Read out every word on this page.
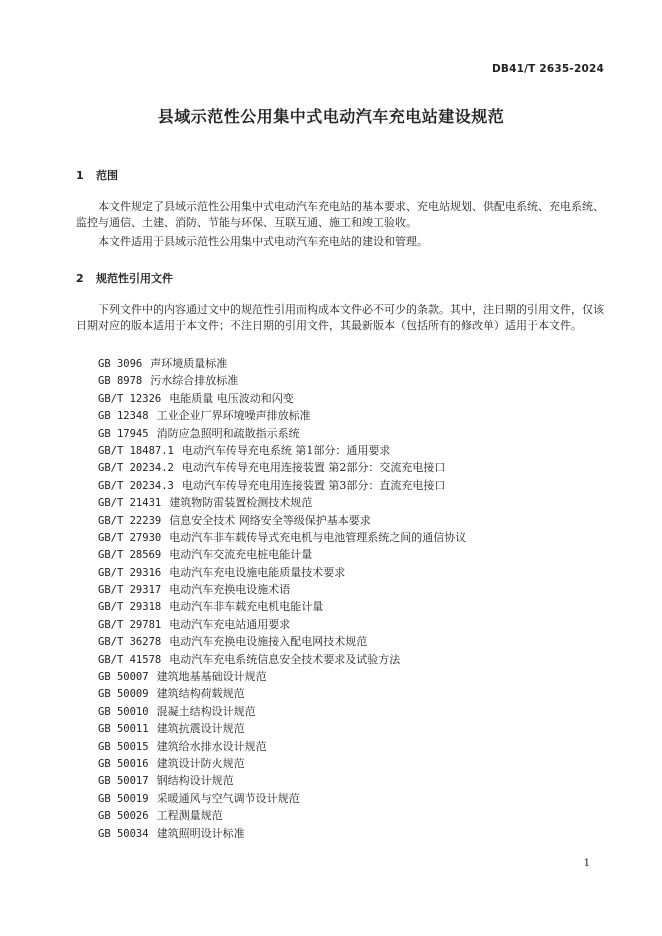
DB41/T 2635-2024
县域示范性公用集中式电动汽车充电站建设规范
1 范围
本文件规定了县域示范性公用集中式电动汽车充电站的基本要求、充电站规划、供配电系统、充电系统、监控与通信、土建、消防、节能与环保、互联互通、施工和竣工验收。
本文件适用于县域示范性公用集中式电动汽车充电站的建设和管理。
2 规范性引用文件
下列文件中的内容通过文中的规范性引用而构成本文件必不可少的条款。其中，注日期的引用文件，仅该日期对应的版本适用于本文件；不注日期的引用文件，其最新版本（包括所有的修改单）适用于本文件。
GB 3096 声环境质量标准
GB 8978 污水综合排放标准
GB/T 12326 电能质量 电压波动和闪变
GB 12348 工业企业厂界环境噪声排放标准
GB 17945 消防应急照明和疏散指示系统
GB/T 18487.1 电动汽车传导充电系统 第1部分：通用要求
GB/T 20234.2 电动汽车传导充电用连接装置 第2部分：交流充电接口
GB/T 20234.3 电动汽车传导充电用连接装置 第3部分：直流充电接口
GB/T 21431 建筑物防雷装置检测技术规范
GB/T 22239 信息安全技术 网络安全等级保护基本要求
GB/T 27930 电动汽车非车载传导式充电机与电池管理系统之间的通信协议
GB/T 28569 电动汽车交流充电桩电能计量
GB/T 29316 电动汽车充电设施电能质量技术要求
GB/T 29317 电动汽车充换电设施术语
GB/T 29318 电动汽车非车载充电机电能计量
GB/T 29781 电动汽车充电站通用要求
GB/T 36278 电动汽车充换电设施接入配电网技术规范
GB/T 41578 电动汽车充电系统信息安全技术要求及试验方法
GB 50007 建筑地基基础设计规范
GB 50009 建筑结构荷载规范
GB 50010 混凝土结构设计规范
GB 50011 建筑抗震设计规范
GB 50015 建筑给水排水设计规范
GB 50016 建筑设计防火规范
GB 50017 钢结构设计规范
GB 50019 采暖通风与空气调节设计规范
GB 50026 工程测量规范
GB 50034 建筑照明设计标准
1
